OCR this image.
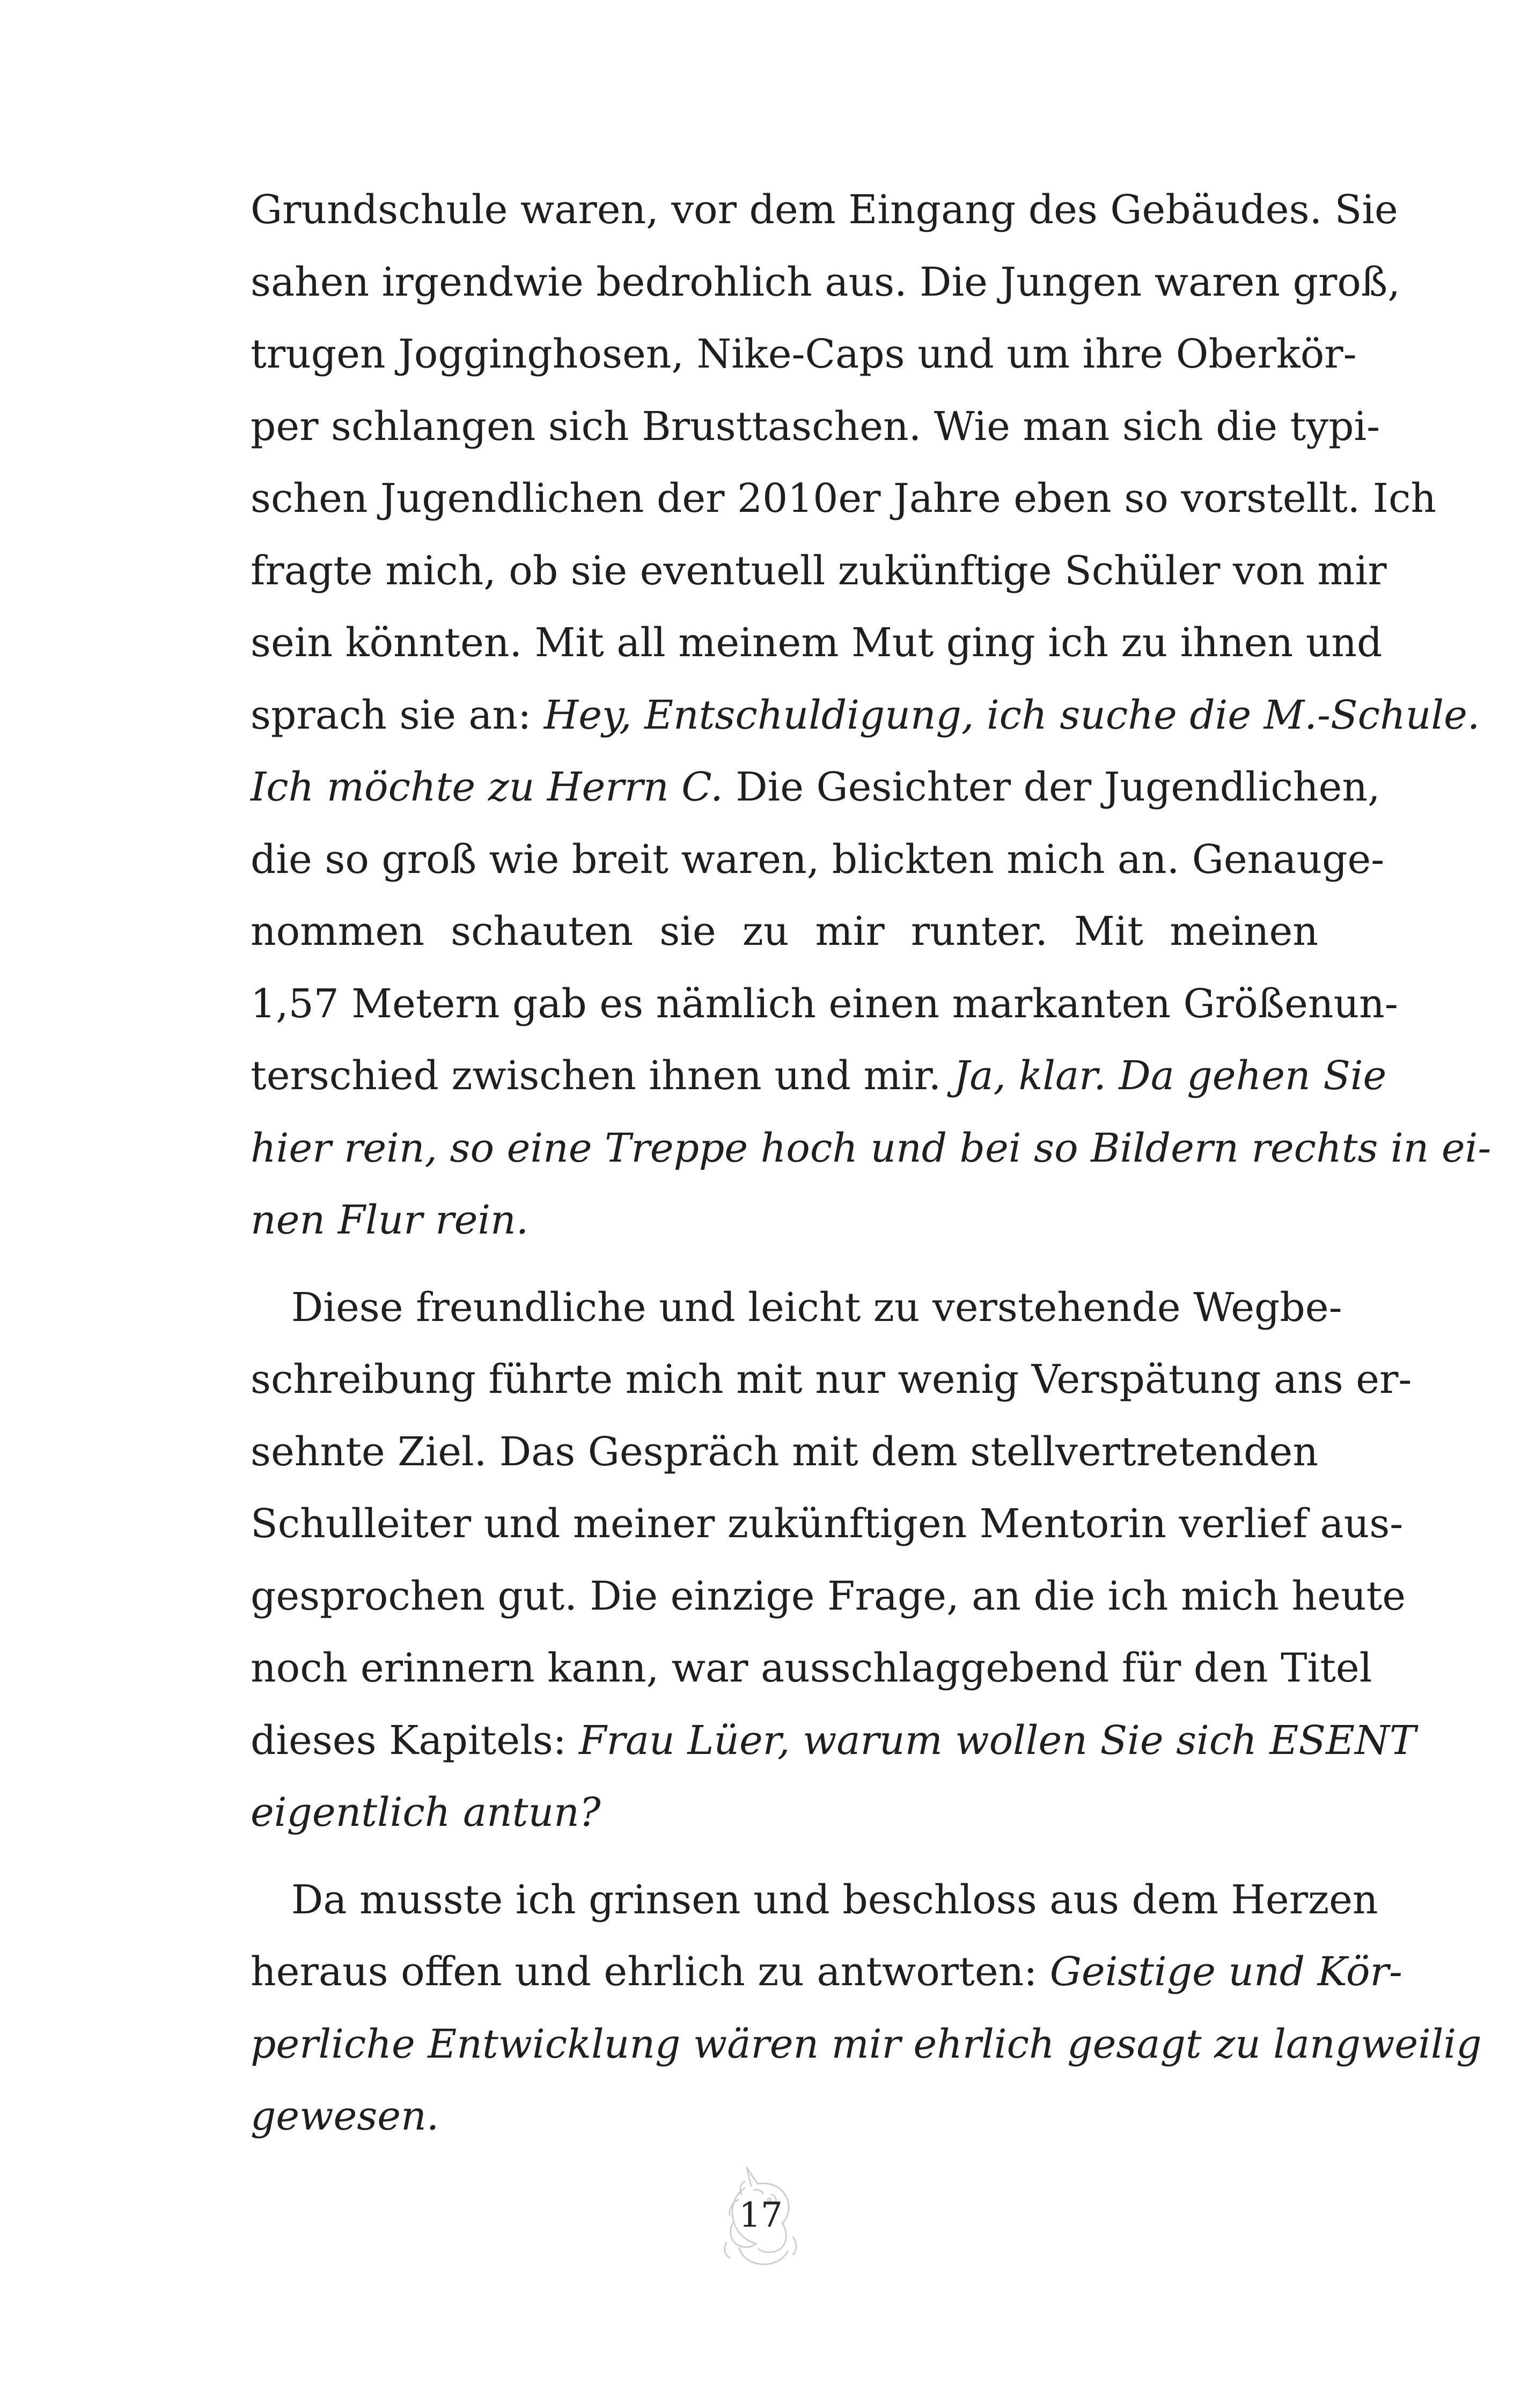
Grundschule waren, vor dem Eingang des Gebäudes. Sie
sahen irgendwie bedrohlich aus. Die Jungen waren groß,
trugen Jogginghosen, Nike-Caps und um ihre Oberkör-
per schlangen sich Brusttaschen. Wie man sich die typi-
schen Jugendlichen der 2010er Jahre eben so vorstellt. Ich
fragte mich, ob sie eventuell zukünftige Schüler von mir
sein könnten. Mit all meinem Mut ging ich zu ihnen und
sprach sie an: Hey, Entschuldigung, ich suche die M.-Schule.
Ich möchte zu Herrn C. Die Gesichter der Jugendlichen,
die so groß wie breit waren, blickten mich an. Genauge-
nommen schauten sie zu mir runter. Mit meinen
1,57 Metern gab es nämlich einen markanten Größenun-
terschied zwischen ihnen und mir. Ja, klar. Da gehen Sie
hier rein, so eine Treppe hoch und bei so Bildern rechts in ei-
nen Flur rein.
Diese freundliche und leicht zu verstehende Wegbe-
schreibung führte mich mit nur wenig Verspätung ans er-
sehnte Ziel. Das Gespräch mit dem stellvertretenden
Schulleiter und meiner zukünftigen Mentorin verlief aus-
gesprochen gut. Die einzige Frage, an die ich mich heute
noch erinnern kann, war ausschlaggebend für den Titel
dieses Kapitels: Frau Lüer, warum wollen Sie sich ESENT
eigentlich antun?
Da musste ich grinsen und beschloss aus dem Herzen
heraus offen und ehrlich zu antworten: Geistige und Kör-
perliche Entwicklung wären mir ehrlich gesagt zu langweilig
gewesen.
17
